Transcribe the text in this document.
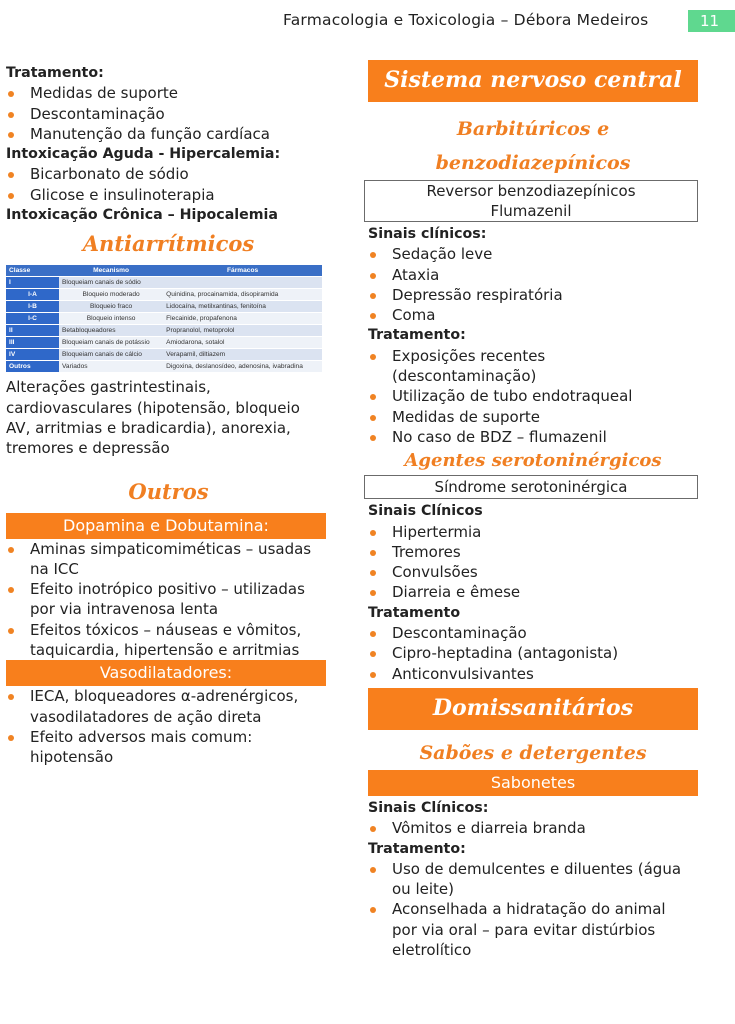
Farmacologia e Toxicologia – Débora Medeiros	11
Tratamento:
Medidas de suporte
Descontaminação
Manutenção da função cardíaca
Intoxicação Aguda - Hipercalemia:
Bicarbonato de sódio
Glicose e insulinoterapia
Intoxicação Crônica – Hipocalemia
Antiarrítmicos
Classe	Mecanismo	Fármacos
I	Bloqueiam canais de sódio	
I-A	Bloqueio moderado	Quinidina, procainamida, disopiramida
I-B	Bloqueio fraco	Lidocaína, metilxantinas, fenitoína
I-C	Bloqueio intenso	Flecainide, propafenona
II	Betabloqueadores	Propranolol, metoprolol
III	Bloqueiam canais de potássio	Amiodarona, sotalol
IV	Bloqueiam canais de cálcio	Verapamil, diltiazem
Outros	Variados	Digoxina, deslanosídeo, adenosina, ivabradina
Alterações gastrintestinais, cardiovasculares (hipotensão, bloqueio AV, arritmias e bradicardia), anorexia, tremores e depressão
Outros
Dopamina e Dobutamina:
Aminas simpaticomiméticas – usadas na ICC
Efeito inotrópico positivo – utilizadas por via intravenosa lenta
Efeitos tóxicos – náuseas e vômitos, taquicardia, hipertensão e arritmias
Vasodilatadores:
IECA, bloqueadores α-adrenérgicos, vasodilatadores de ação direta
Efeito adversos mais comum: hipotensão
Sistema nervoso central
Barbitúricos e
benzodiazepínicos
Reversor benzodiazepínicos
Flumazenil
Sinais clínicos:
Sedação leve
Ataxia
Depressão respiratória
Coma
Tratamento:
Exposições recentes (descontaminação)
Utilização de tubo endotraqueal
Medidas de suporte
No caso de BDZ – flumazenil
Agentes serotoninérgicos
Síndrome serotoninérgica
Sinais Clínicos
Hipertermia
Tremores
Convulsões
Diarreia e êmese
Tratamento
Descontaminação
Cipro-heptadina (antagonista)
Anticonvulsivantes
Domissanitários
Sabões e detergentes
Sabonetes
Sinais Clínicos:
Vômitos e diarreia branda
Tratamento:
Uso de demulcentes e diluentes (água ou leite)
Aconselhada a hidratação do animal por via oral – para evitar distúrbios eletrolítico
